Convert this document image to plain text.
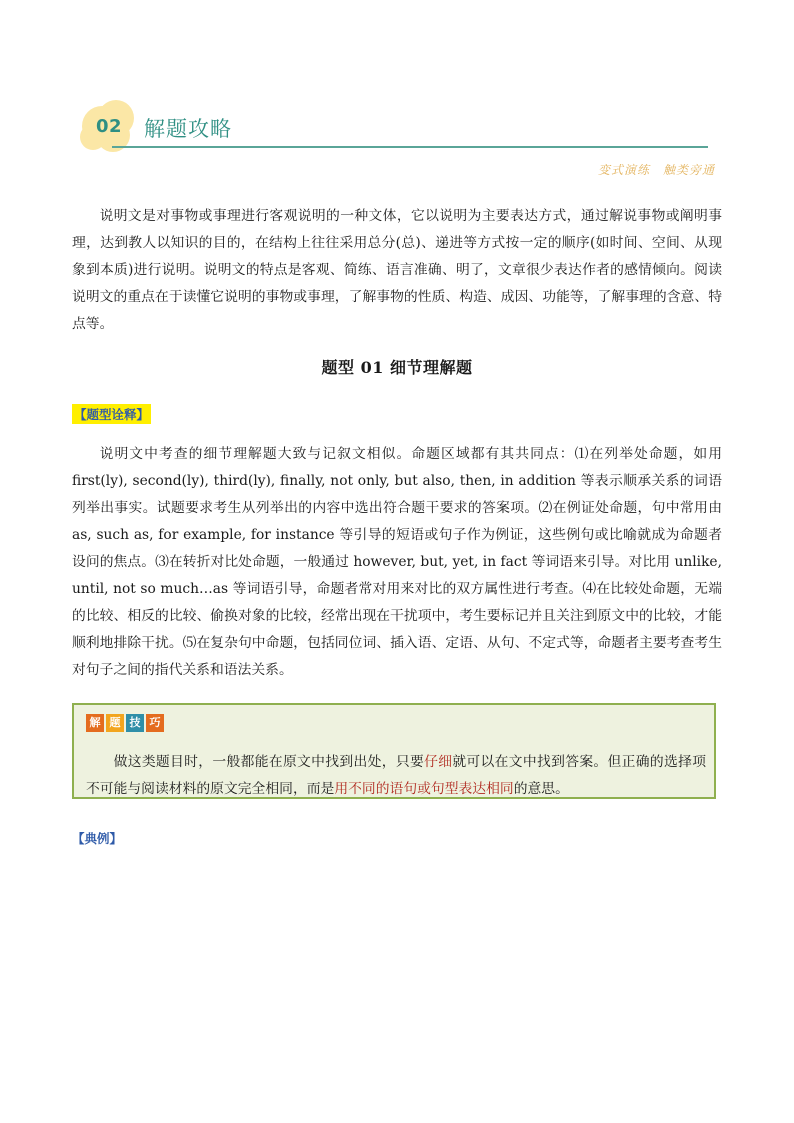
02 解题攻略
变式演练　触类旁通

说明文是对事物或事理进行客观说明的一种文体，它以说明为主要表达方式，通过解说事物或阐明事理，达到教人以知识的目的，在结构上往往采用总分(总)、递进等方式按一定的顺序(如时间、空间、从现象到本质)进行说明。说明文的特点是客观、简练、语言准确、明了，文章很少表达作者的感情倾向。阅读说明文的重点在于读懂它说明的事物或事理，了解事物的性质、构造、成因、功能等，了解事理的含意、特点等。

题型 01 细节理解题
【题型诠释】

说明文中考查的细节理解题大致与记叙文相似。命题区域都有其共同点：⑴在列举处命题，如用first(ly), second(ly), third(ly), finally, not only, but also, then, in addition 等表示顺承关系的词语列举出事实。试题要求考生从列举出的内容中选出符合题干要求的答案项。⑵在例证处命题，句中常用由 as, such as, for example, for instance 等引导的短语或句子作为例证，这些例句或比喻就成为命题者设问的焦点。⑶在转折对比处命题，一般通过 however, but, yet, in fact 等词语来引导。对比用 unlike, until, not so much…as 等词语引导，命题者常对用来对比的双方属性进行考查。⑷在比较处命题，无端的比较、相反的比较、偷换对象的比较，经常出现在干扰项中，考生要标记并且关注到原文中的比较，才能顺利地排除干扰。⑸在复杂句中命题，包括同位词、插入语、定语、从句、不定式等，命题者主要考查考生对句子之间的指代关系和语法关系。

解 题 技 巧

做这类题目时，一般都能在原文中找到出处，只要仔细就可以在文中找到答案。但正确的选择项不可能与阅读材料的原文完全相同，而是用不同的语句或句型表达相同的意思。

【典例】
